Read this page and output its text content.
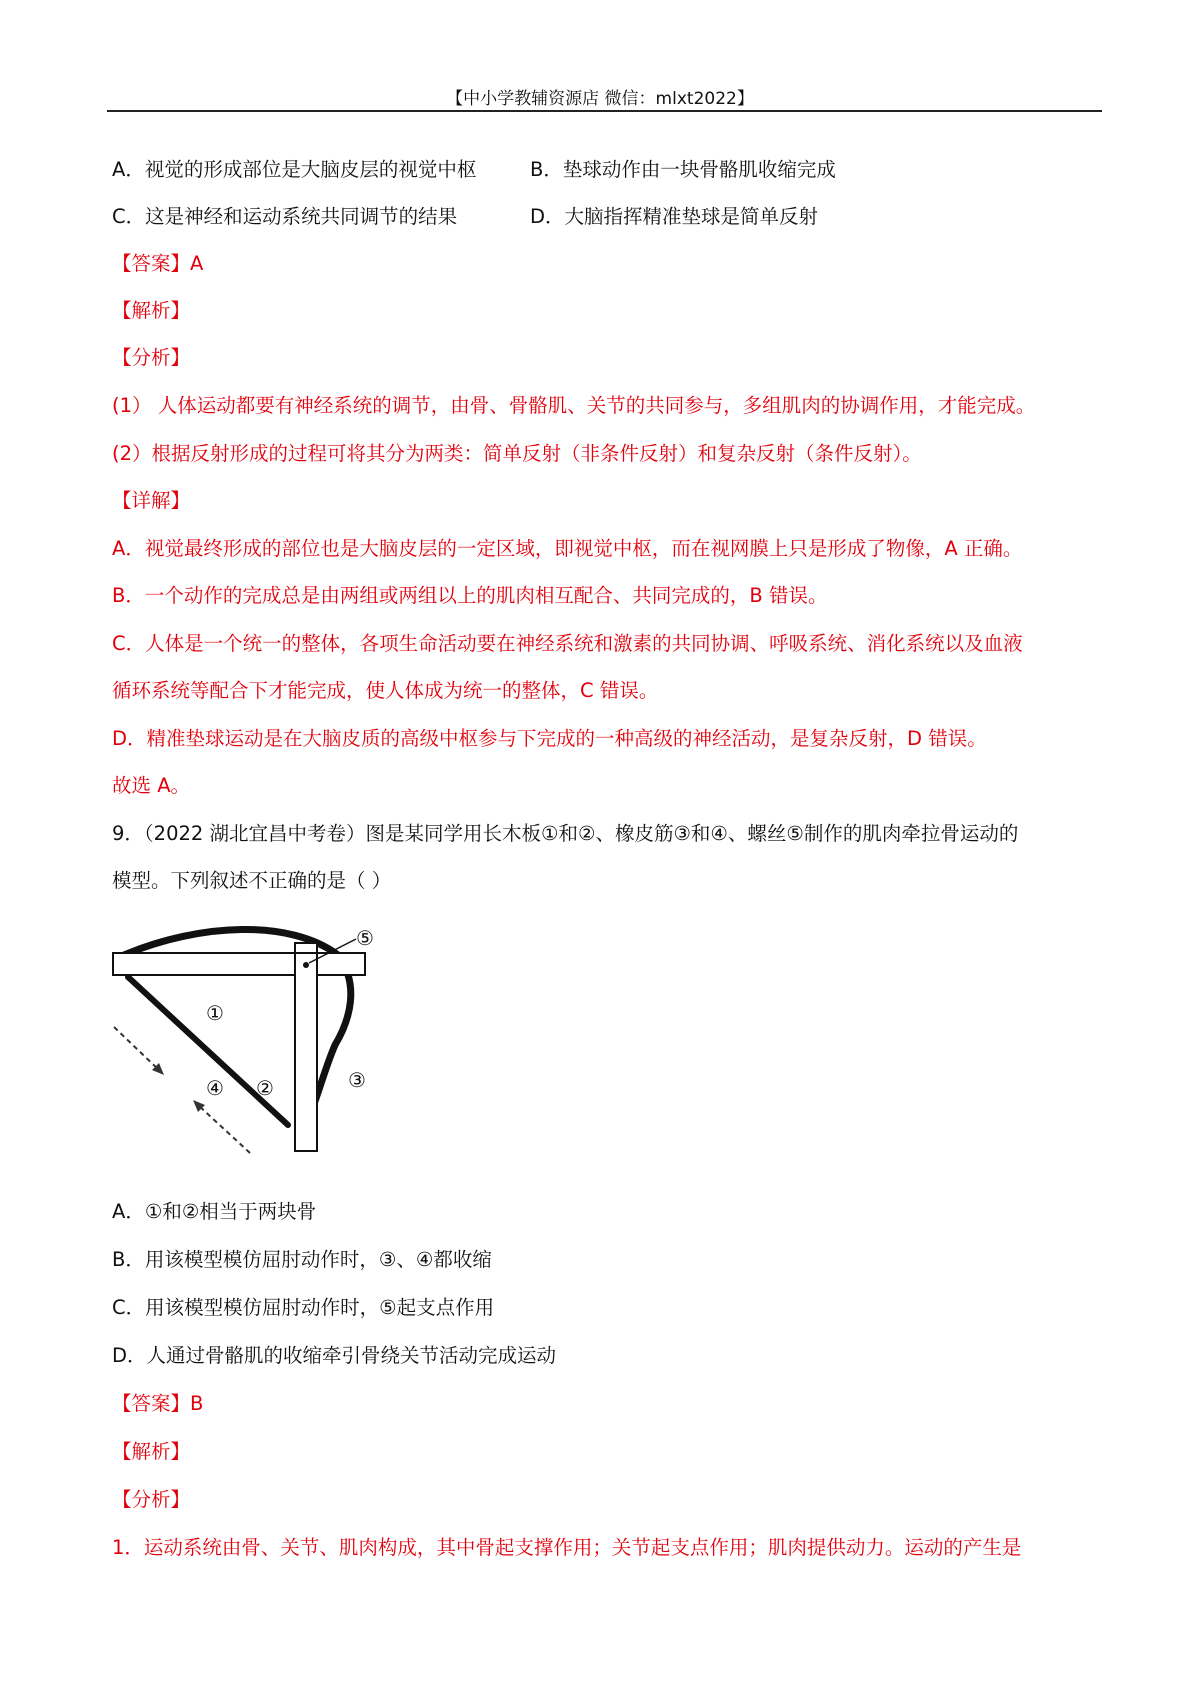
【中小学教辅资源店 微信：mlxt2022】
A．视觉的形成部位是大脑皮层的视觉中枢	B．垫球动作由一块骨骼肌收缩完成
C．这是神经和运动系统共同调节的结果	D．大脑指挥精准垫球是简单反射
【答案】A
【解析】
【分析】
(1） 人体运动都要有神经系统的调节，由骨、骨骼肌、关节的共同参与，多组肌肉的协调作用，才能完成。
(2）根据反射形成的过程可将其分为两类：简单反射（非条件反射）和复杂反射（条件反射）。
【详解】
A．视觉最终形成的部位也是大脑皮层的一定区域，即视觉中枢，而在视网膜上只是形成了物像，A 正确。
B．一个动作的完成总是由两组或两组以上的肌肉相互配合、共同完成的，B 错误。
C．人体是一个统一的整体，各项生命活动要在神经系统和激素的共同协调、呼吸系统、消化系统以及血液
循环系统等配合下才能完成，使人体成为统一的整体，C 错误。
D．精准垫球运动是在大脑皮质的高级中枢参与下完成的一种高级的神经活动，是复杂反射，D 错误。
故选 A。
9．（2022 湖北宜昌中考卷）图是某同学用长木板①和②、橡皮筋③和④、螺丝⑤制作的肌肉牵拉骨运动的
模型。下列叙述不正确的是（ ）
①
④ ②	③
⑤
A．①和②相当于两块骨
B．用该模型模仿屈肘动作时，③、④都收缩
C．用该模型模仿屈肘动作时，⑤起支点作用
D．人通过骨骼肌的收缩牵引骨绕关节活动完成运动
【答案】B
【解析】
【分析】
1．运动系统由骨、关节、肌肉构成，其中骨起支撑作用；关节起支点作用；肌肉提供动力。运动的产生是
